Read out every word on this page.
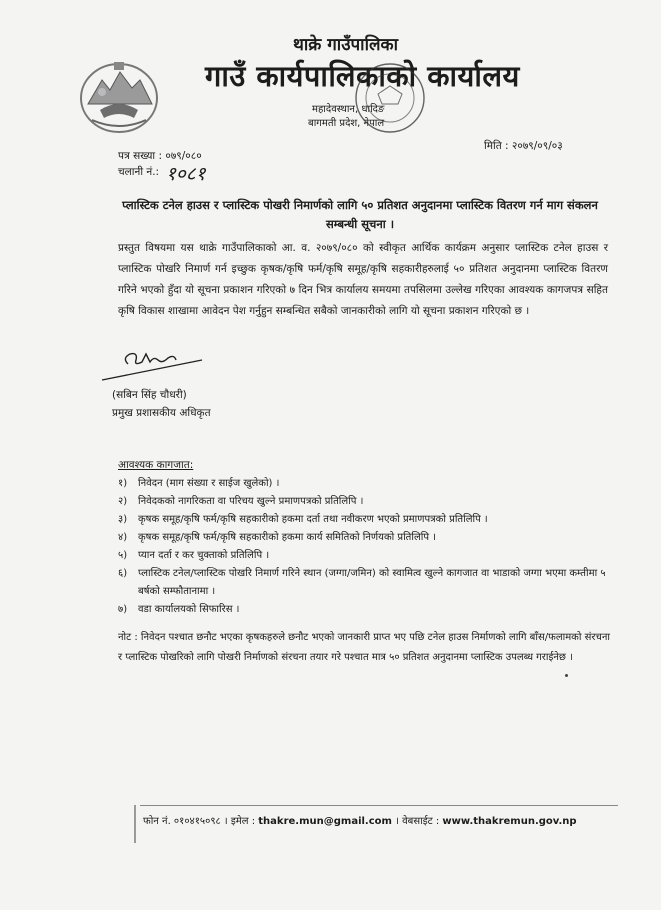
थाक्रे गाउँपालिका
गाउँ कार्यपालिकाको कार्यालय
महादेवस्थान, धादिङ
बागमती प्रदेश, नेपाल
मिति : २०७९/०९/०३
पत्र सख्या : ०७९/०८०
चलानी नं.: १०८१
प्लास्टिक टनेल हाउस र प्लास्टिक पोखरी निमार्णको लागि ५० प्रतिशत अनुदानमा प्लास्टिक वितरण गर्न माग संकलन सम्बन्धी सूचना ।
प्रस्तुत विषयमा यस थाक्रे गाउँपालिकाको आ. व. २०७९/०८० को स्वीकृत आर्थिक कार्यक्रम अनुसार प्लास्टिक टनेल हाउस र प्लास्टिक पोखरि निमार्ण गर्न इच्छुक कृषक/कृषि फर्म/कृषि समूह/कृषि सहकारीहरुलाई ५० प्रतिशत अनुदानमा प्लास्टिक वितरण गरिने भएको हुँदा यो सूचना प्रकाशन गरिएको ७ दिन भित्र कार्यालय समयमा तपसिलमा उल्लेख गरिएका आवश्यक कागजपत्र सहित कृषि विकास शाखामा आवेदन पेश गर्नुहुन सम्बन्धित सबैको जानकारीको लागि यो सूचना प्रकाशन गरिएको छ ।
(सबिन सिंह चौधरी)
प्रमुख प्रशासकीय अधिकृत
आवश्यक कागजात:
१)	निवेदन (माग संख्या र साईज खुलेको) ।
२)	निवेदकको नागरिकता वा परिचय खुल्ने प्रमाणपत्रको प्रतिलिपि ।
३)	कृषक समूह/कृषि फर्म/कृषि सहकारीको हकमा दर्ता तथा नवीकरण भएको प्रमाणपत्रको प्रतिलिपि ।
४)	कृषक समूह/कृषि फर्म/कृषि सहकारीको हकमा कार्य समितिको निर्णयको प्रतिलिपि ।
५)	प्यान दर्ता र कर चुक्ताको प्रतिलिपि ।
६)	प्लास्टिक टनेल/प्लास्टिक पोखरि निमार्ण गरिने स्थान (जग्गा/जमिन) को स्वामित्व खुल्ने कागजात वा भाडाको जग्गा भएमा कम्तीमा ५ बर्षको सम्फौतानामा ।
७)	वडा कार्यालयको सिफारिस ।
नोट : निवेदन पश्चात छनौट भएका कृषकहरुले छनौट भएको जानकारी प्राप्त भए पछि टनेल हाउस निर्माणको लागि बाँस/फलामको संरचना र प्लास्टिक पोखरिको लागि पोखरी निर्माणको संरचना तयार गरे पश्चात मात्र ५० प्रतिशत अनुदानमा प्लास्टिक उपलब्ध गराईनेछ ।
फोन नं. ०१०४१५०९८ । इमेल : thakre.mun@gmail.com । वेबसाईट : www.thakremun.gov.np
